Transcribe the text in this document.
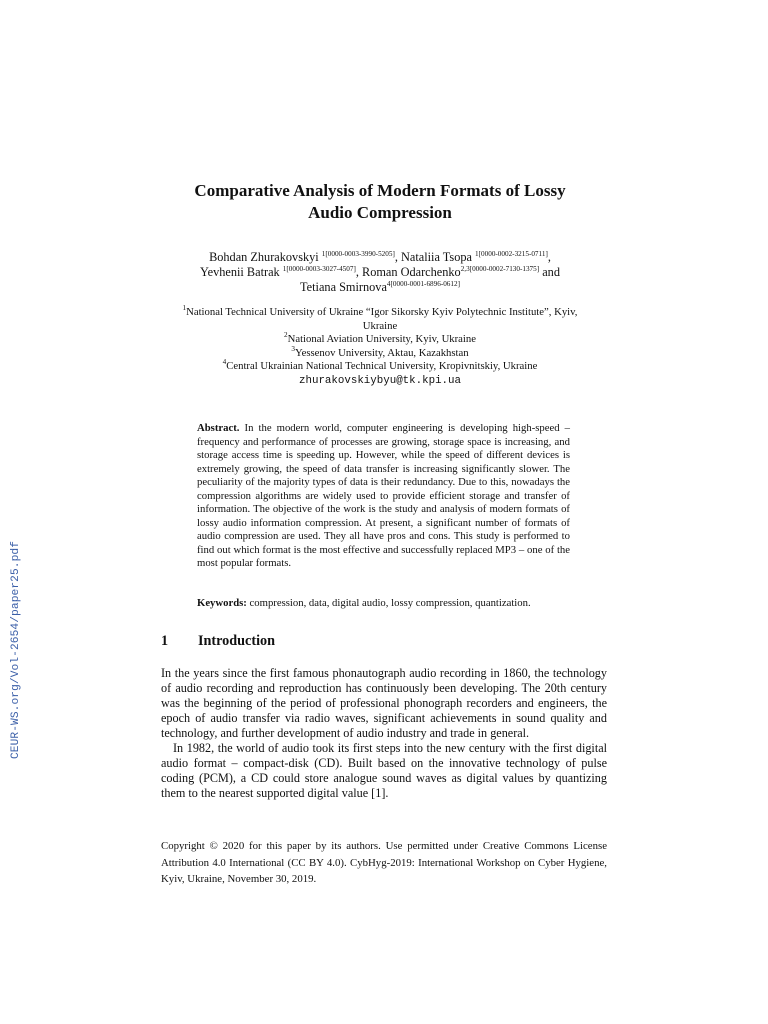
CEUR-WS.org/Vol-2654/paper25.pdf
Comparative Analysis of Modern Formats of Lossy
Audio Compression
Bohdan Zhurakovskyi $^{1[0000-0003-3990-5205]}$, Nataliia Tsopa $^{1[0000-0002-3215-0711]}$,
Yevhenii Batrak $^{1[0000-0003-3027-4507]}$, Roman Odarchenko$^{2,3[0000-0002-7130-1375]}$ and
Tetiana Smirnova$^{4[0000-0001-6896-0612]}$
$^1$National Technical University of Ukraine “Igor Sikorsky Kyiv Polytechnic Institute”, Kyiv, Ukraine
$^2$National Aviation University, Kyiv, Ukraine
$^3$Yessenov University, Aktau, Kazakhstan
$^4$Central Ukrainian National Technical University, Kropivnitskiy, Ukraine
zhurakovskiybyu@tk.kpi.ua
Abstract. In the modern world, computer engineering is developing high-speed – frequency and performance of processes are growing, storage space is increasing, and storage access time is speeding up. However, while the speed of different devices is extremely growing, the speed of data transfer is increasing significantly slower. The peculiarity of the majority types of data is their redundancy. Due to this, nowadays the compression algorithms are widely used to provide efficient storage and transfer of information. The objective of the work is the study and analysis of modern formats of lossy audio information compression. At present, a significant number of formats of audio compression are used. They all have pros and cons. This study is performed to find out which format is the most effective and successfully replaced MP3 – one of the most popular formats.
Keywords: compression, data, digital audio, lossy compression, quantization.
1 Introduction

In the years since the first famous phonautograph audio recording in 1860, the technology of audio recording and reproduction has continuously been developing. The 20th century was the beginning of the period of professional phonograph recorders and engineers, the epoch of audio transfer via radio waves, significant achievements in sound quality and technology, and further development of audio industry and trade in general.

In 1982, the world of audio took its first steps into the new century with the first digital audio format – compact-disk (CD). Built based on the innovative technology of pulse coding (PCM), a CD could store analogue sound waves as digital values by quantizing them to the nearest supported digital value [1].

Copyright © 2020 for this paper by its authors. Use permitted under Creative Commons License Attribution 4.0 International (CC BY 4.0). CybHyg-2019: International Workshop on Cyber Hygiene, Kyiv, Ukraine, November 30, 2019.
